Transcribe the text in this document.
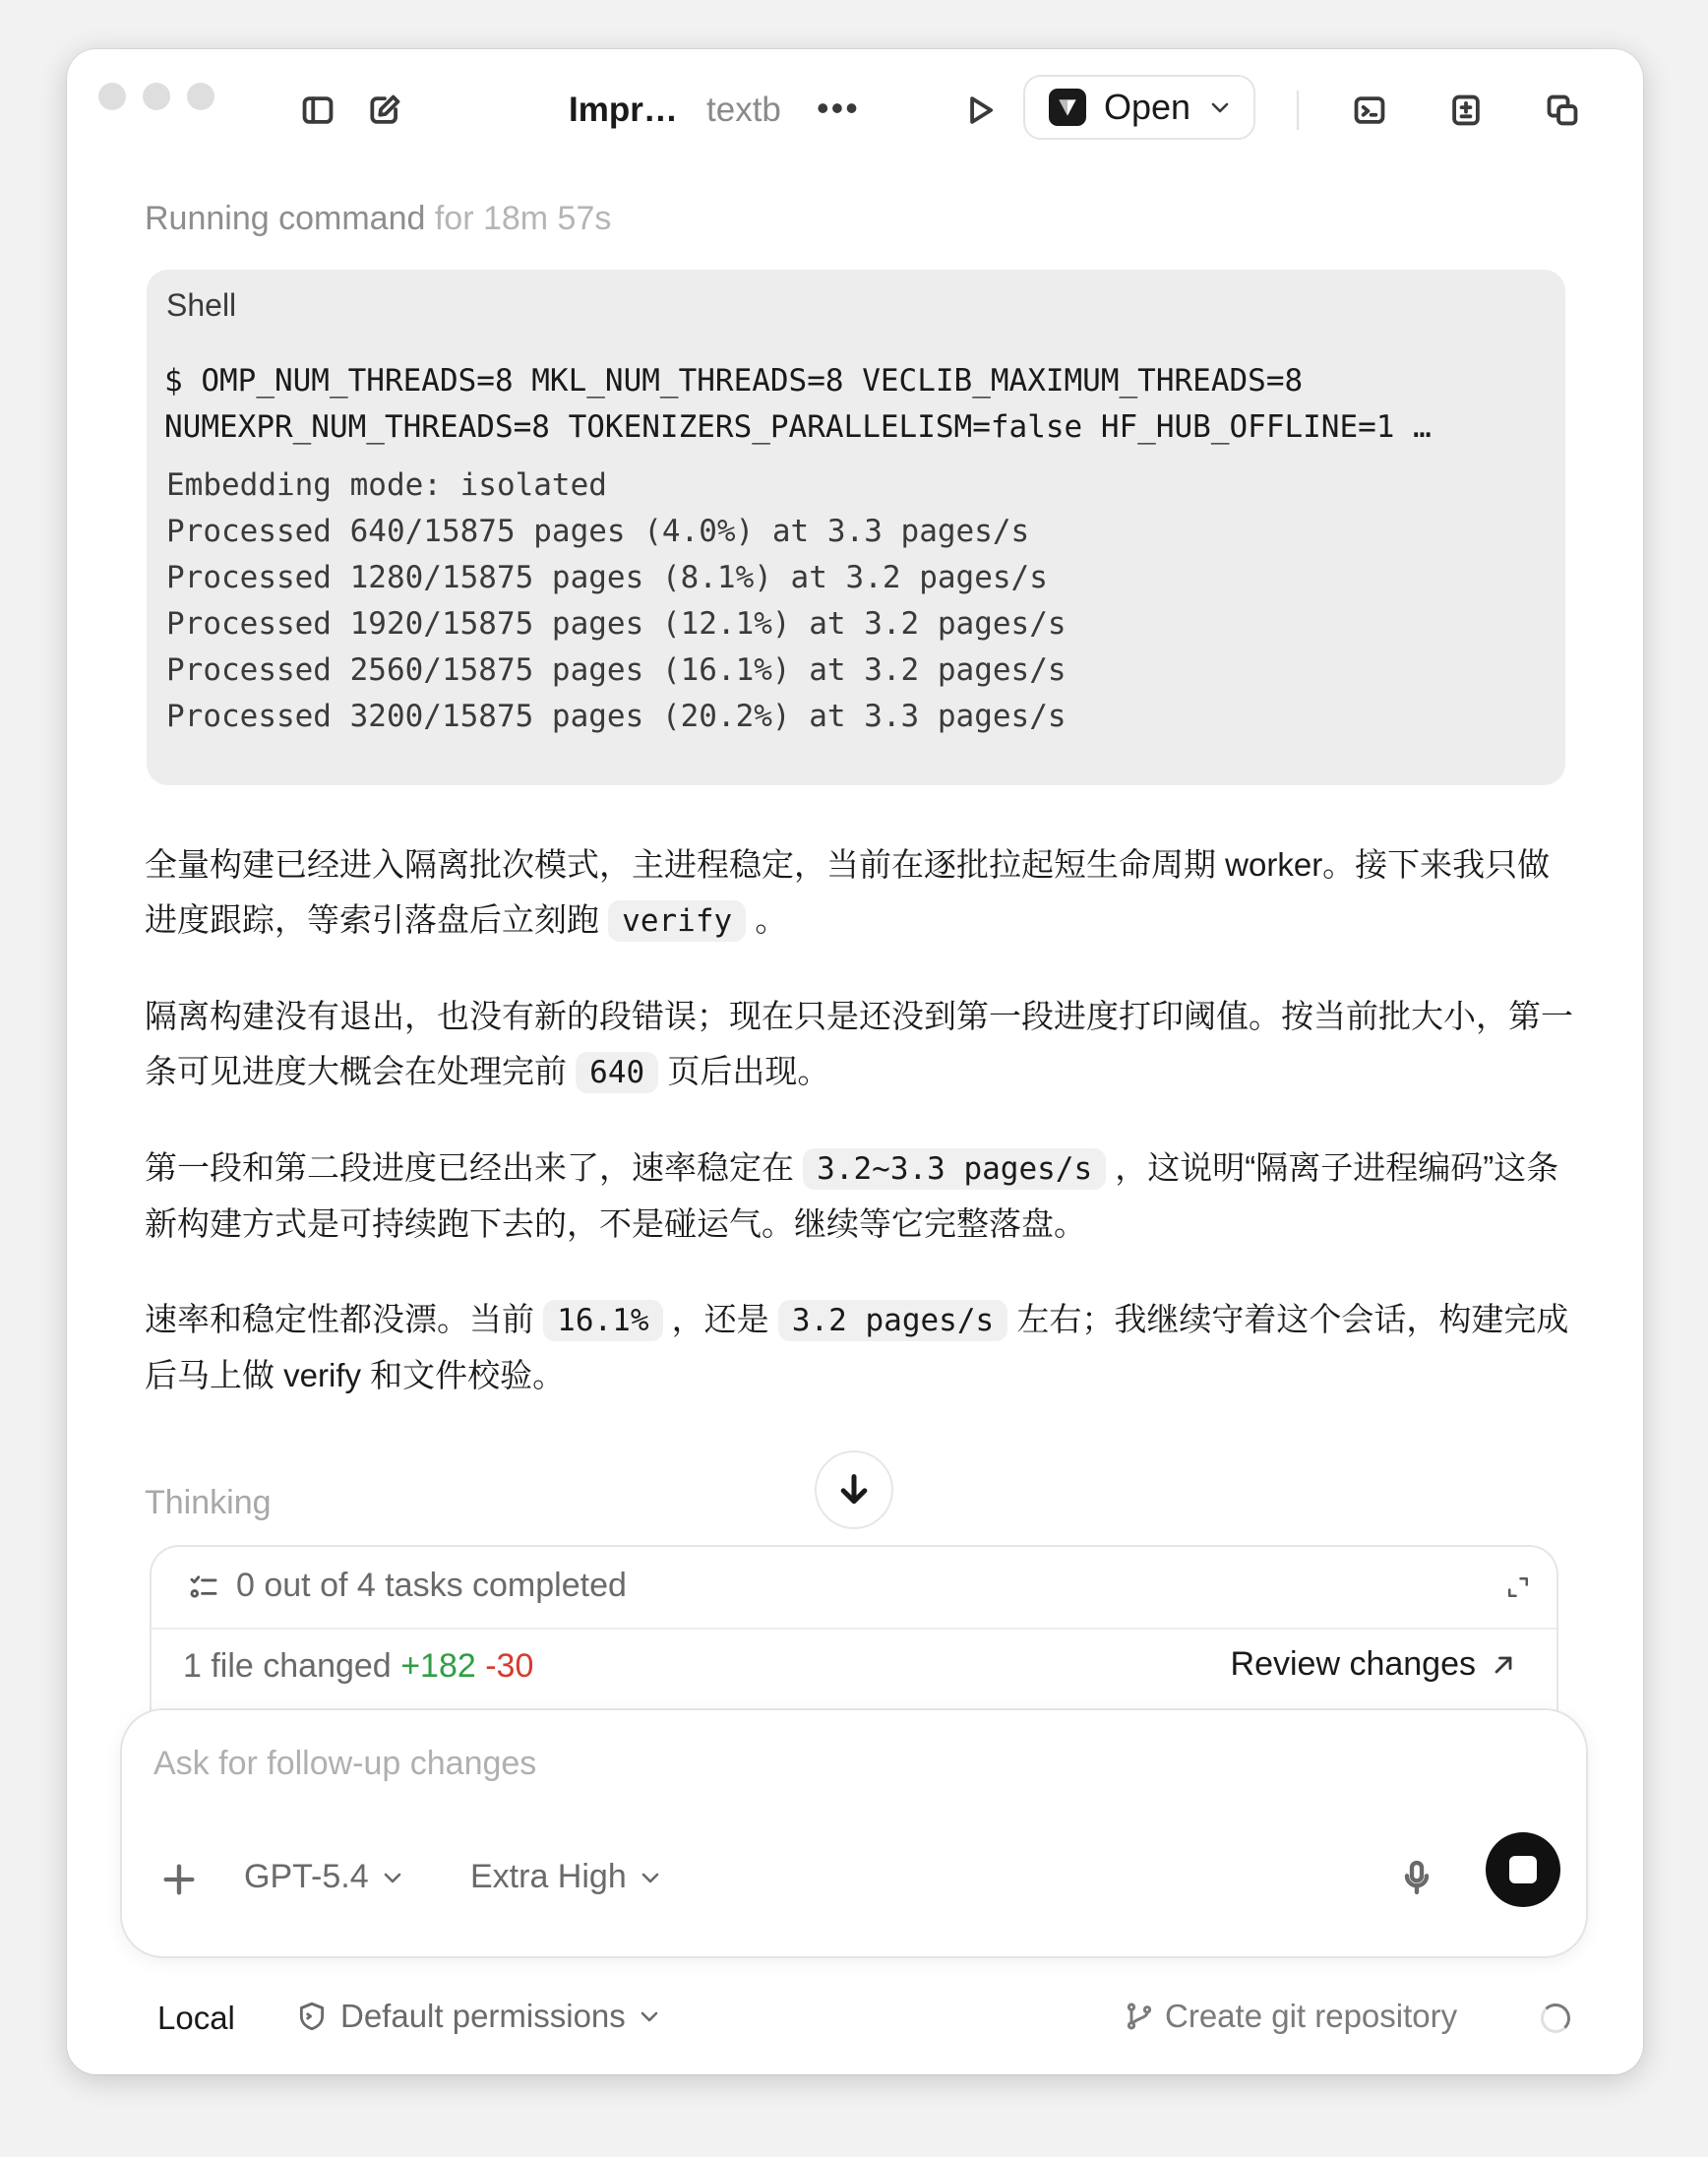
Impr… textb •••	Open
Running command for 18m 57s
Shell
$ OMP_NUM_THREADS=8 MKL_NUM_THREADS=8 VECLIB_MAXIMUM_THREADS=8
NUMEXPR_NUM_THREADS=8 TOKENIZERS_PARALLELISM=false HF_HUB_OFFLINE=1 …
Embedding mode: isolated
Processed 640/15875 pages (4.0%) at 3.3 pages/s
Processed 1280/15875 pages (8.1%) at 3.2 pages/s
Processed 1920/15875 pages (12.1%) at 3.2 pages/s
Processed 2560/15875 pages (16.1%) at 3.2 pages/s
Processed 3200/15875 pages (20.2%) at 3.3 pages/s
全量构建已经进入隔离批次模式，主进程稳定，当前在逐批拉起短生命周期 worker。接下来我只做进度跟踪，等索引落盘后立刻跑 verify 。
隔离构建没有退出，也没有新的段错误；现在只是还没到第一段进度打印阈值。按当前批大小，第一条可见进度大概会在处理完前 640 页后出现。
第一段和第二段进度已经出来了，速率稳定在 3.2~3.3 pages/s ，这说明“隔离子进程编码”这条新构建方式是可持续跑下去的，不是碰运气。继续等它完整落盘。
速率和稳定性都没漂。当前 16.1% ，还是 3.2 pages/s 左右；我继续守着这个会话，构建完成后马上做 verify 和文件校验。
Thinking
0 out of 4 tasks completed
1 file changed +182 -30	Review changes
Ask for follow-up changes
GPT-5.4	Extra High
Local	Default permissions	Create git repository
